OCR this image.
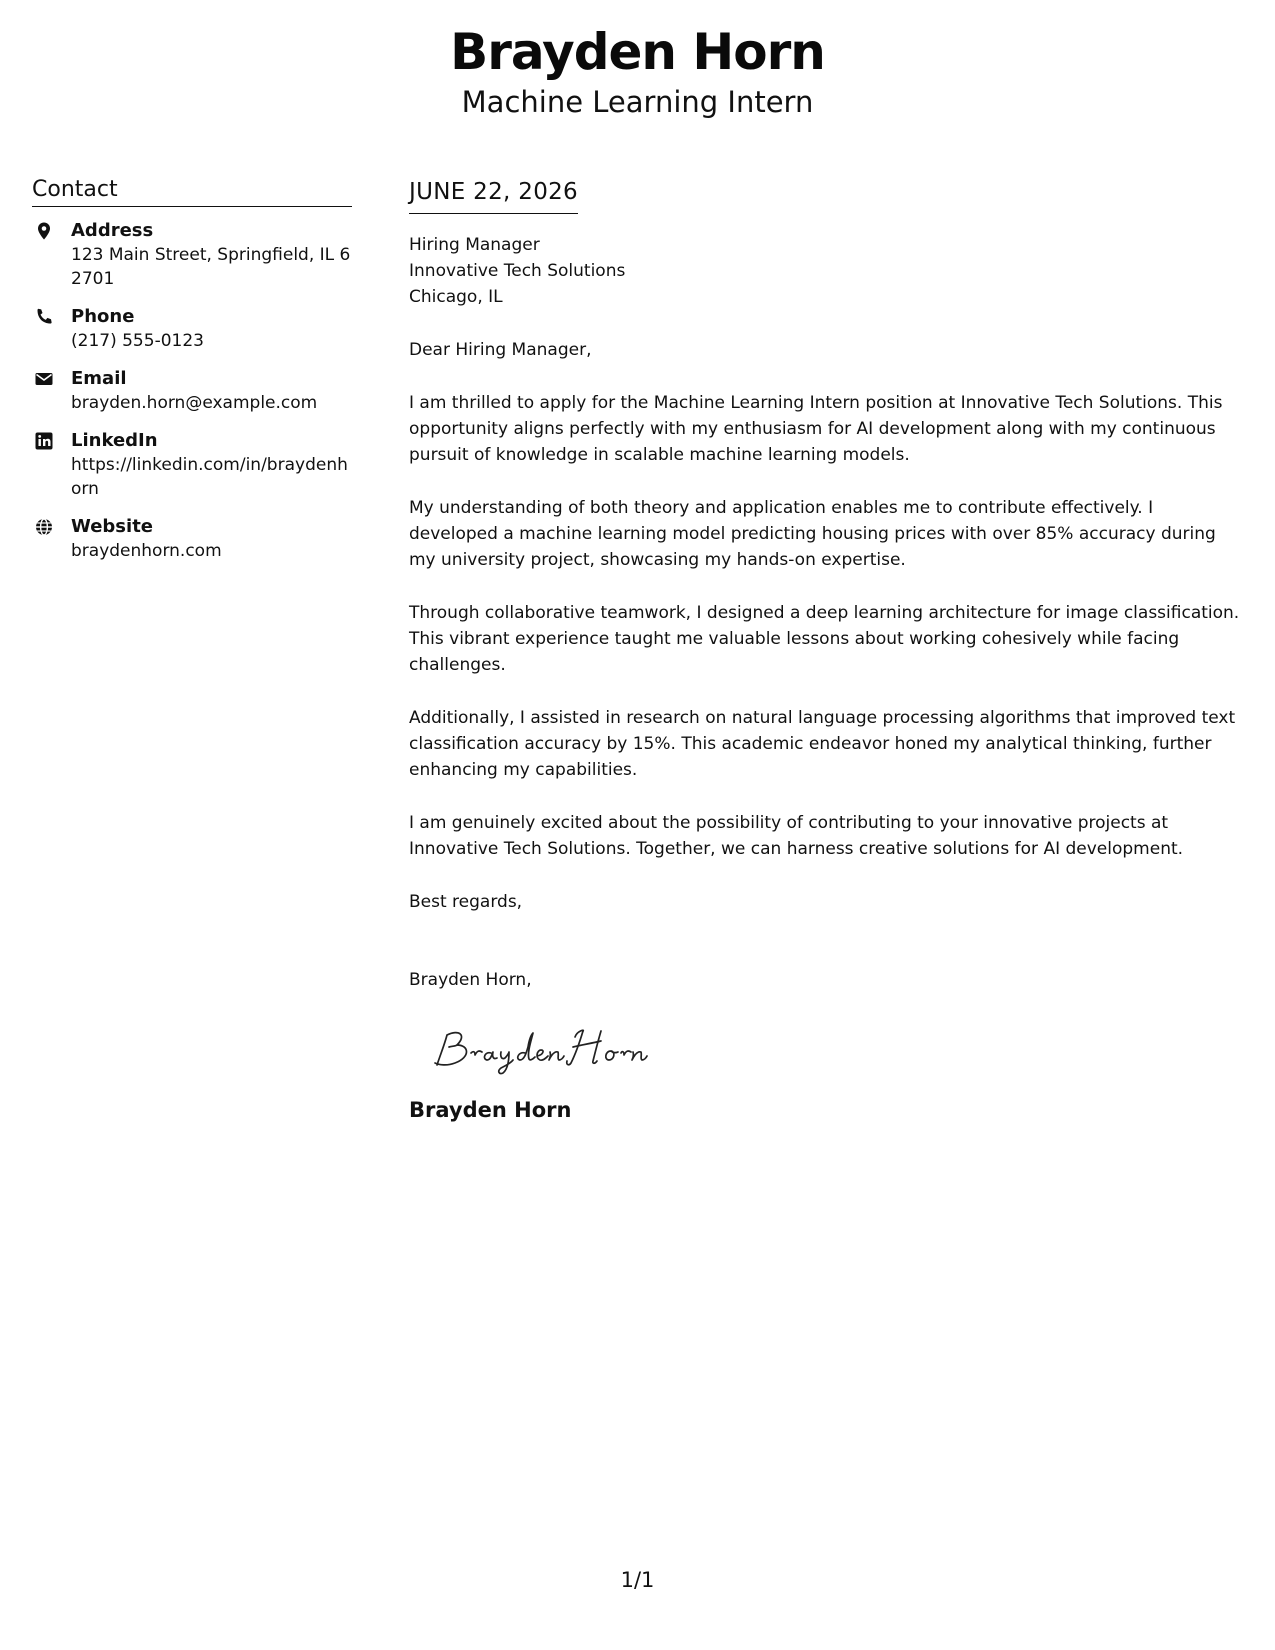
Brayden Horn
Machine Learning Intern
Contact
Address
123 Main Street, Springfield, IL 62701
Phone
(217) 555-0123
Email
brayden.horn@example.com
LinkedIn
https://linkedin.com/in/braydenhorn
Website
braydenhorn.com
JUNE 22, 2026
Hiring Manager
Innovative Tech Solutions
Chicago, IL
Dear Hiring Manager,
I am thrilled to apply for the Machine Learning Intern position at Innovative Tech Solutions. This opportunity aligns perfectly with my enthusiasm for AI development along with my continuous pursuit of knowledge in scalable machine learning models.
My understanding of both theory and application enables me to contribute effectively. I developed a machine learning model predicting housing prices with over 85% accuracy during my university project, showcasing my hands-on expertise.
Through collaborative teamwork, I designed a deep learning architecture for image classification. This vibrant experience taught me valuable lessons about working cohesively while facing challenges.
Additionally, I assisted in research on natural language processing algorithms that improved text classification accuracy by 15%. This academic endeavor honed my analytical thinking, further enhancing my capabilities.
I am genuinely excited about the possibility of contributing to your innovative projects at Innovative Tech Solutions. Together, we can harness creative solutions for AI development.
Best regards,
Brayden Horn,
Brayden Horn
1/1
